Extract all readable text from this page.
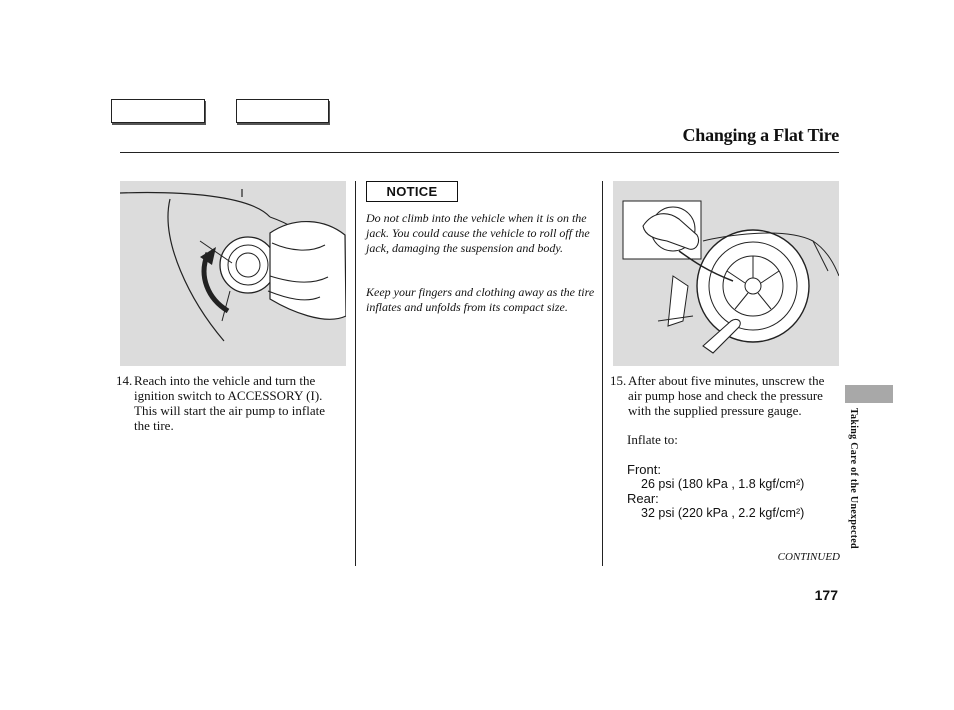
Changing a Flat Tire
14. Reach into the vehicle and turn the ignition switch to ACCESSORY (I). This will start the air pump to inflate the tire.
NOTICE
Do not climb into the vehicle when it is on the jack. You could cause the vehicle to roll off the jack, damaging the suspension and body.
Keep your fingers and clothing away as the tire inflates and unfolds from its compact size.
15. After about five minutes, unscrew the air pump hose and check the pressure with the supplied pressure gauge.
Inflate to:
Front:
26 psi (180 kPa , 1.8 kgf/cm²)
Rear:
32 psi (220 kPa , 2.2 kgf/cm²)
CONTINUED
177
Taking Care of the Unexpected
